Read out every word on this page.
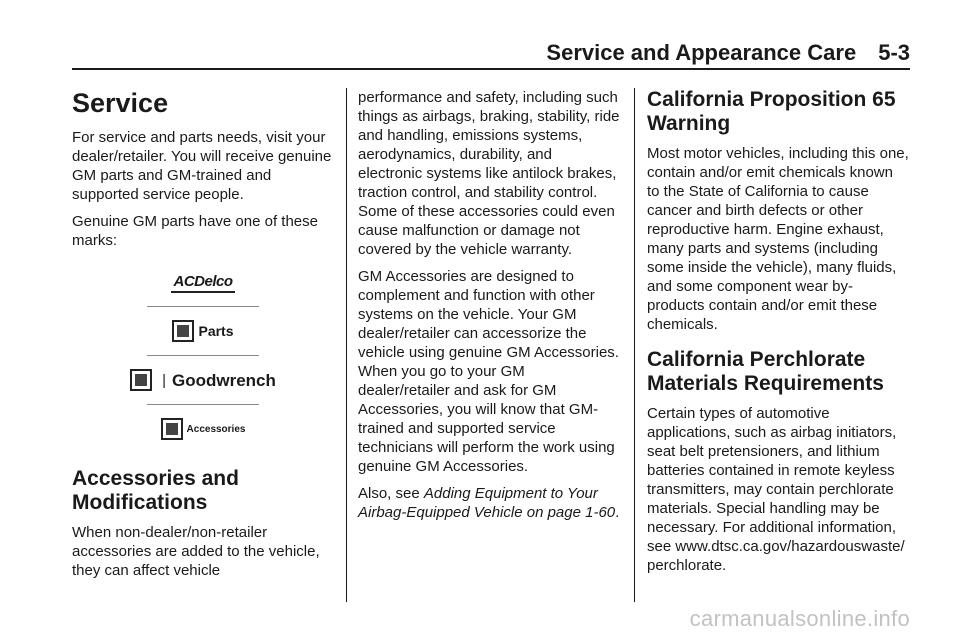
Service and Appearance Care 5-3
Service

For service and parts needs, visit your dealer/retailer. You will receive genuine GM parts and GM-trained and supported service people.

Genuine GM parts have one of these marks:

ACDelco
Parts
| Goodwrench
Accessories
Accessories and Modifications

When non-dealer/non-retailer accessories are added to the vehicle, they can affect vehicle

performance and safety, including such things as airbags, braking, stability, ride and handling, emissions systems, aerodynamics, durability, and electronic systems like antilock brakes, traction control, and stability control. Some of these accessories could even cause malfunction or damage not covered by the vehicle warranty.

GM Accessories are designed to complement and function with other systems on the vehicle. Your GM dealer/retailer can accessorize the vehicle using genuine GM Accessories. When you go to your GM dealer/retailer and ask for GM Accessories, you will know that GM-trained and supported service technicians will perform the work using genuine GM Accessories.

Also, see Adding Equipment to Your Airbag-Equipped Vehicle on page 1-60.

California Proposition 65 Warning

Most motor vehicles, including this one, contain and/or emit chemicals known to the State of California to cause cancer and birth defects or other reproductive harm. Engine exhaust, many parts and systems (including some inside the vehicle), many fluids, and some component wear by-products contain and/or emit these chemicals.

California Perchlorate Materials Requirements

Certain types of automotive applications, such as airbag initiators, seat belt pretensioners, and lithium batteries contained in remote keyless transmitters, may contain perchlorate materials. Special handling may be necessary. For additional information, see www.dtsc.ca.gov/hazardouswaste/ perchlorate.

carmanualsonline.info
